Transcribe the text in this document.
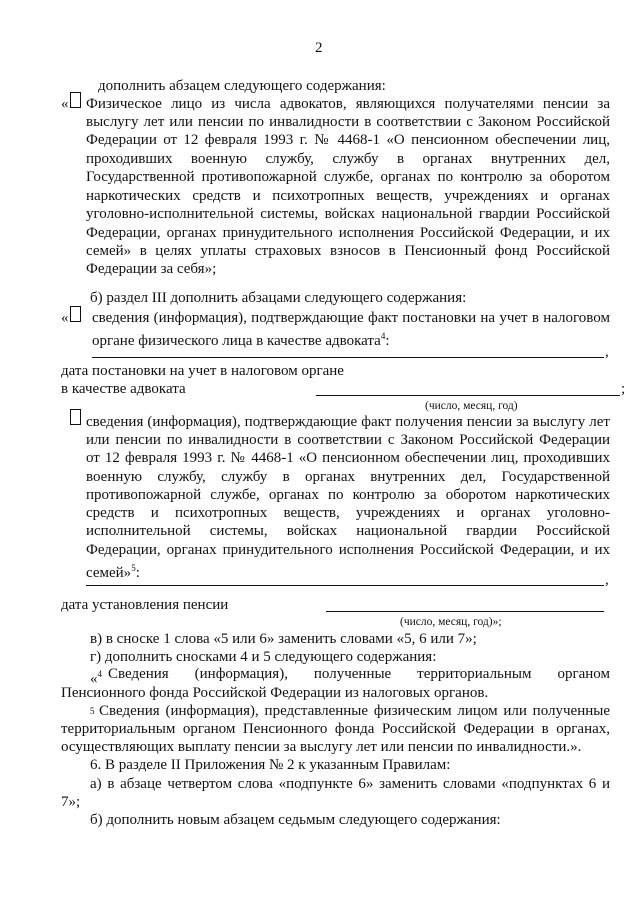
2
дополнить абзацем следующего содержания:
« Физическое лицо из числа адвокатов, являющихся получателями пенсии за
выслугу лет или пенсии по инвалидности в соответствии с Законом Российской
Федерации от 12 февраля 1993 г. № 4468-1 «О пенсионном обеспечении лиц,
проходивших военную службу, службу в органах внутренних дел,
Государственной противопожарной службе, органах по контролю за оборотом
наркотических средств и психотропных веществ, учреждениях и органах
уголовно-исполнительной системы, войсках национальной гвардии Российской
Федерации, органах принудительного исполнения Российской Федерации, и их
семей» в целях уплаты страховых взносов в Пенсионный фонд Российской
Федерации за себя»;
б) раздел III дополнить абзацами следующего содержания:
« сведения (информация), подтверждающие факт постановки на учет в налоговом
органе физического лица в качестве адвоката$^4$:
,
дата постановки на учет в налоговом органе
в качестве адвоката	;
(число, месяц, год)
сведения (информация), подтверждающие факт получения пенсии за выслугу лет
или пенсии по инвалидности в соответствии с Законом Российской Федерации
от 12 февраля 1993 г. № 4468-1 «О пенсионном обеспечении лиц, проходивших
военную службу, службу в органах внутренних дел, Государственной
противопожарной службе, органах по контролю за оборотом наркотических
средств и психотропных веществ, учреждениях и органах уголовно-
исполнительной системы, войсках национальной гвардии Российской
Федерации, органах принудительного исполнения Российской Федерации, и их
семей»$^5$:	,
дата установления пенсии
(число, месяц, год)»;
в) в сноске 1 слова «5 или 6» заменить словами «5, 6 или 7»;
г) дополнить сносками 4 и 5 следующего содержания:
«$^4$ Сведения (информация), полученные территориальным органом
Пенсионного фонда Российской Федерации из налоговых органов.
$^5$ Сведения (информация), представленные физическим лицом или полученные
территориальным органом Пенсионного фонда Российской Федерации в органах,
осуществляющих выплату пенсии за выслугу лет или пенсии по инвалидности.».
6. В разделе II Приложения № 2 к указанным Правилам:
а) в абзаце четвертом слова «подпункте 6» заменить словами «подпунктах 6 и
7»;
б) дополнить новым абзацем седьмым следующего содержания:
